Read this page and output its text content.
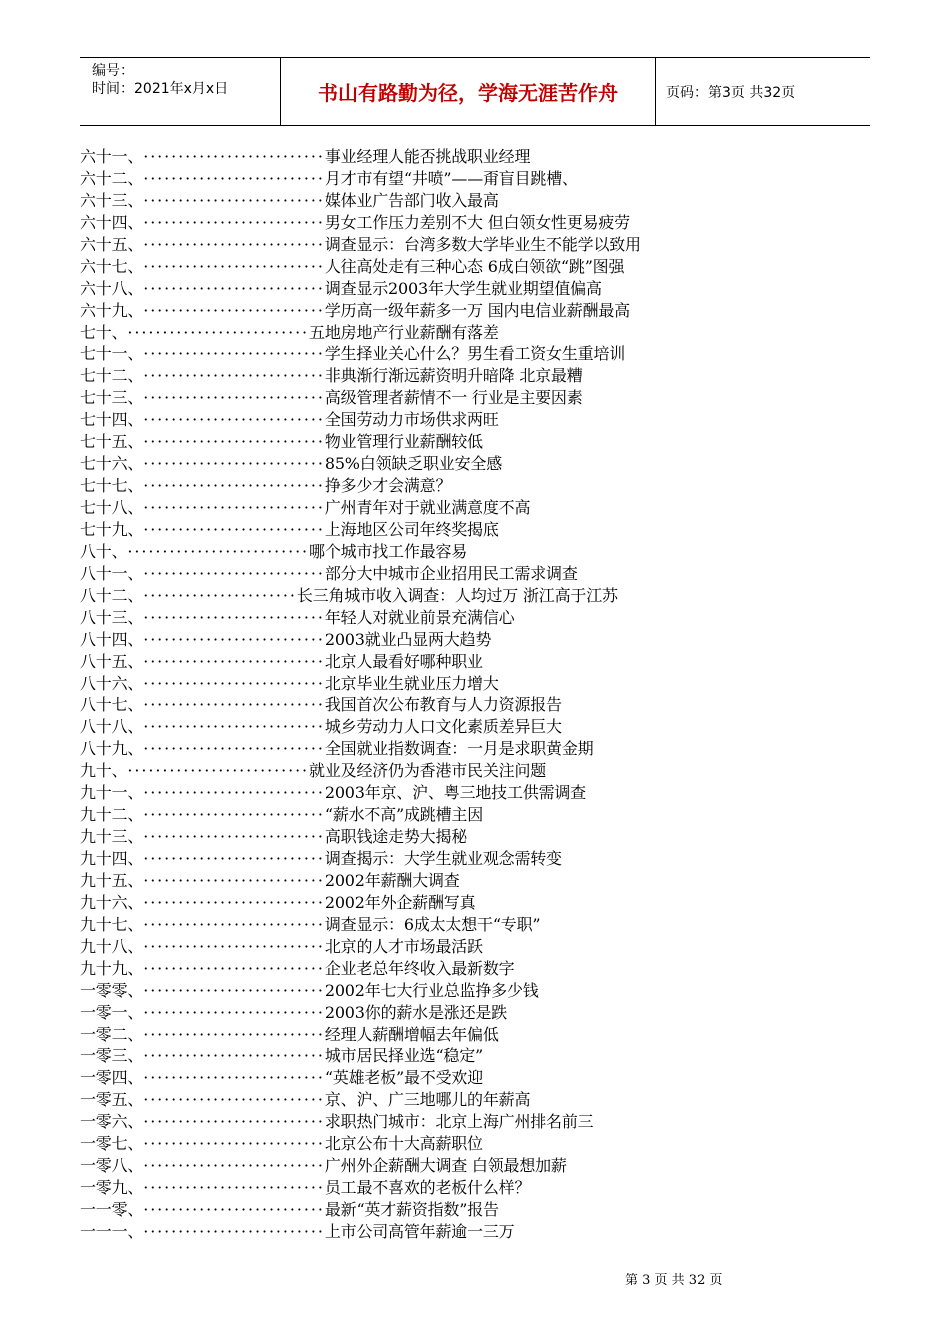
编号：
时间：2021年x月x日	书山有路勤为径，学海无涯苦作舟	页码：第3页 共32页
六十一、··························事业经理人能否挑战职业经理
六十二、··························月才市有望“井喷”——甭盲目跳槽、
六十三、··························媒体业广告部门收入最高
六十四、··························男女工作压力差别不大 但白领女性更易疲劳
六十五、··························调查显示：台湾多数大学毕业生不能学以致用
六十七、··························人往高处走有三种心态 6成白领欲“跳”图强
六十八、··························调查显示2003年大学生就业期望值偏高
六十九、··························学历高一级年薪多一万 国内电信业薪酬最高
七十、··························五地房地产行业薪酬有落差
七十一、··························学生择业关心什么？男生看工资女生重培训
七十二、··························非典渐行渐远薪资明升暗降 北京最糟
七十三、··························高级管理者薪情不一 行业是主要因素
七十四、··························全国劳动力市场供求两旺
七十五、··························物业管理行业薪酬较低
七十六、··························85%白领缺乏职业安全感
七十七、··························挣多少才会满意？
七十八、··························广州青年对于就业满意度不高
七十九、··························上海地区公司年终奖揭底
八十、··························哪个城市找工作最容易
八十一、··························部分大中城市企业招用民工需求调查
八十二、······················长三角城市收入调查：人均过万 浙江高于江苏
八十三、··························年轻人对就业前景充满信心
八十四、··························2003就业凸显两大趋势
八十五、··························北京人最看好哪种职业
八十六、··························北京毕业生就业压力增大
八十七、··························我国首次公布教育与人力资源报告
八十八、··························城乡劳动力人口文化素质差异巨大
八十九、··························全国就业指数调查：一月是求职黄金期
九十、··························就业及经济仍为香港市民关注问题
九十一、··························2003年京、沪、粤三地技工供需调查
九十二、··························“薪水不高”成跳槽主因
九十三、··························高职钱途走势大揭秘
九十四、··························调查揭示：大学生就业观念需转变
九十五、··························2002年薪酬大调查
九十六、··························2002年外企薪酬写真
九十七、··························调查显示：6成太太想干“专职”
九十八、··························北京的人才市场最活跃
九十九、··························企业老总年终收入最新数字
一零零、··························2002年七大行业总监挣多少钱
一零一、··························2003你的薪水是涨还是跌
一零二、··························经理人薪酬增幅去年偏低
一零三、··························城市居民择业选“稳定”
一零四、··························“英雄老板”最不受欢迎
一零五、··························京、沪、广三地哪儿的年薪高
一零六、··························求职热门城市：北京上海广州排名前三
一零七、··························北京公布十大高薪职位
一零八、··························广州外企薪酬大调查 白领最想加薪
一零九、··························员工最不喜欢的老板什么样？
一一零、··························最新“英才薪资指数”报告
一一一、··························上市公司高管年薪逾一三万
第 3 页 共 32 页
